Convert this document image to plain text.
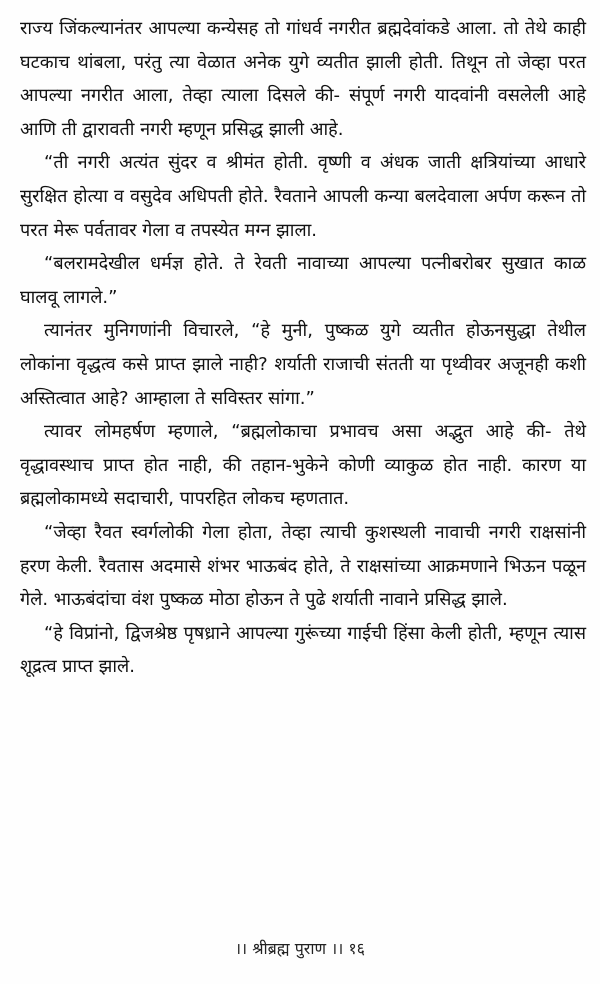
राज्य जिंकल्यानंतर आपल्या कन्येसह तो गांधर्व नगरीत ब्रह्मदेवांकडे आला. तो तेथे काही घटकाच थांबला, परंतु त्या वेळात अनेक युगे व्यतीत झाली होती. तिथून तो जेव्हा परत आपल्या नगरीत आला, तेव्हा त्याला दिसले की- संपूर्ण नगरी यादवांनी वसलेली आहे आणि ती द्वारावती नगरी म्हणून प्रसिद्ध झाली आहे.

“ती नगरी अत्यंत सुंदर व श्रीमंत होती. वृष्णी व अंधक जाती क्षत्रियांच्या आधारे सुरक्षित होत्या व वसुदेव अधिपती होते. रैवताने आपली कन्या बलदेवाला अर्पण करून तो परत मेरू पर्वतावर गेला व तपस्येत मग्न झाला.

“बलरामदेखील धर्मज्ञ होते. ते रेवती नावाच्या आपल्या पत्नीबरोबर सुखात काळ घालवू लागले.”

त्यानंतर मुनिगणांनी विचारले, “हे मुनी, पुष्कळ युगे व्यतीत होऊनसुद्धा तेथील लोकांना वृद्धत्व कसे प्राप्त झाले नाही? शर्याती राजाची संतती या पृथ्वीवर अजूनही कशी अस्तित्वात आहे? आम्हाला ते सविस्तर सांगा.”

त्यावर लोमहर्षण म्हणाले, “ब्रह्मलोकाचा प्रभावच असा अद्भुत आहे की- तेथे वृद्धावस्थाच प्राप्त होत नाही, की तहान-भुकेने कोणी व्याकुळ होत नाही. कारण या ब्रह्मलोकामध्ये सदाचारी, पापरहित लोकच म्हणतात.

“जेव्हा रैवत स्वर्गलोकी गेला होता, तेव्हा त्याची कुशस्थली नावाची नगरी राक्षसांनी हरण केली. रैवतास अदमासे शंभर भाऊबंद होते, ते राक्षसांच्या आक्रमणाने भिऊन पळून गेले. भाऊबंदांचा वंश पुष्कळ मोठा होऊन ते पुढे शर्याती नावाने प्रसिद्ध झाले.

“हे विप्रांनो, द्विजश्रेष्ठ पृषध्राने आपल्या गुरूंच्या गाईची हिंसा केली होती, म्हणून त्यास शूद्रत्व प्राप्त झाले.

।। श्रीब्रह्म पुराण ।। १६
